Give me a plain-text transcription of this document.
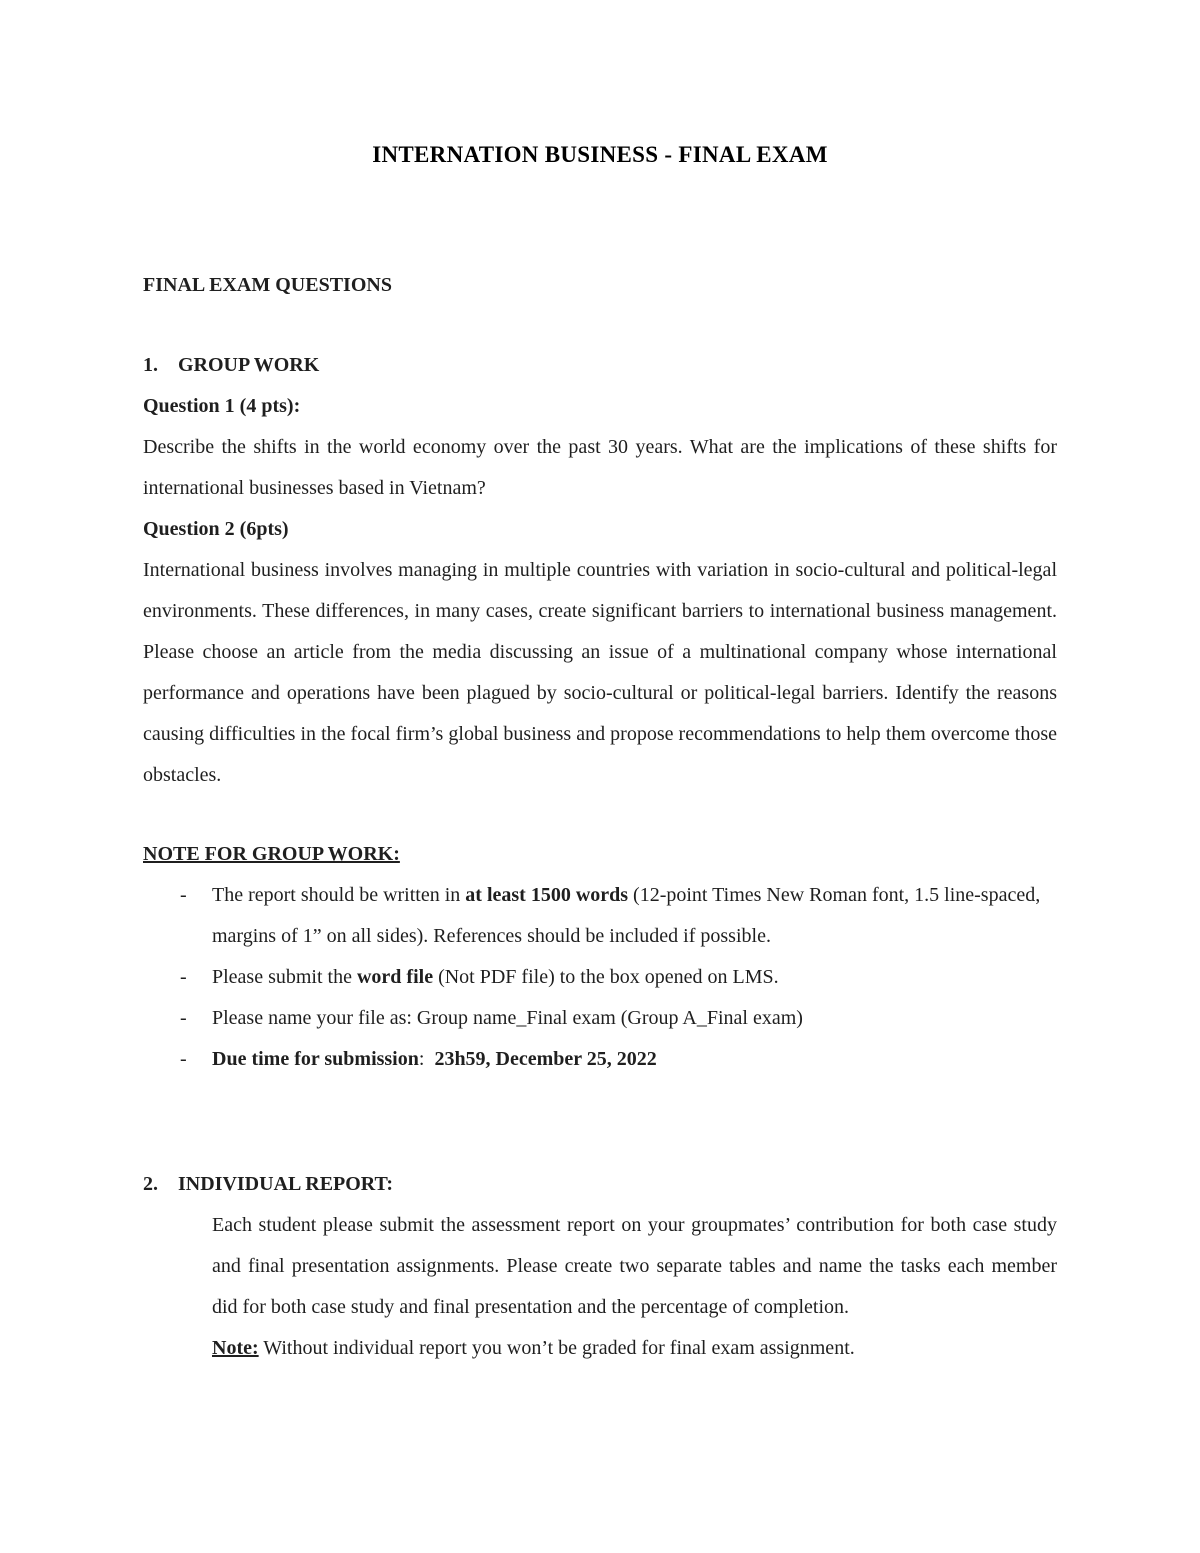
INTERNATION BUSINESS - FINAL EXAM

FINAL EXAM QUESTIONS

1.	GROUP WORK

Question 1 (4 pts):

Describe the shifts in the world economy over the past 30 years. What are the implications of these shifts for international businesses based in Vietnam?

Question 2 (6pts)

International business involves managing in multiple countries with variation in socio-cultural and political-legal environments. These differences, in many cases, create significant barriers to international business management. Please choose an article from the media discussing an issue of a multinational company whose international performance and operations have been plagued by socio-cultural or political-legal barriers. Identify the reasons causing difficulties in the focal firm’s global business and propose recommendations to help them overcome those obstacles.

NOTE FOR GROUP WORK:

-	The report should be written in at least 1500 words (12-point Times New Roman font, 1.5 line-spaced, margins of 1” on all sides). References should be included if possible.
-	Please submit the word file (Not PDF file) to the box opened on LMS.
-	Please name your file as: Group name_Final exam (Group A_Final exam)
-	Due time for submission:  23h59, December 25, 2022
2.	INDIVIDUAL REPORT:

Each student please submit the assessment report on your groupmates’ contribution for both case study and final presentation assignments. Please create two separate tables and name the tasks each member did for both case study and final presentation and the percentage of completion.

Note: Without individual report you won’t be graded for final exam assignment.
